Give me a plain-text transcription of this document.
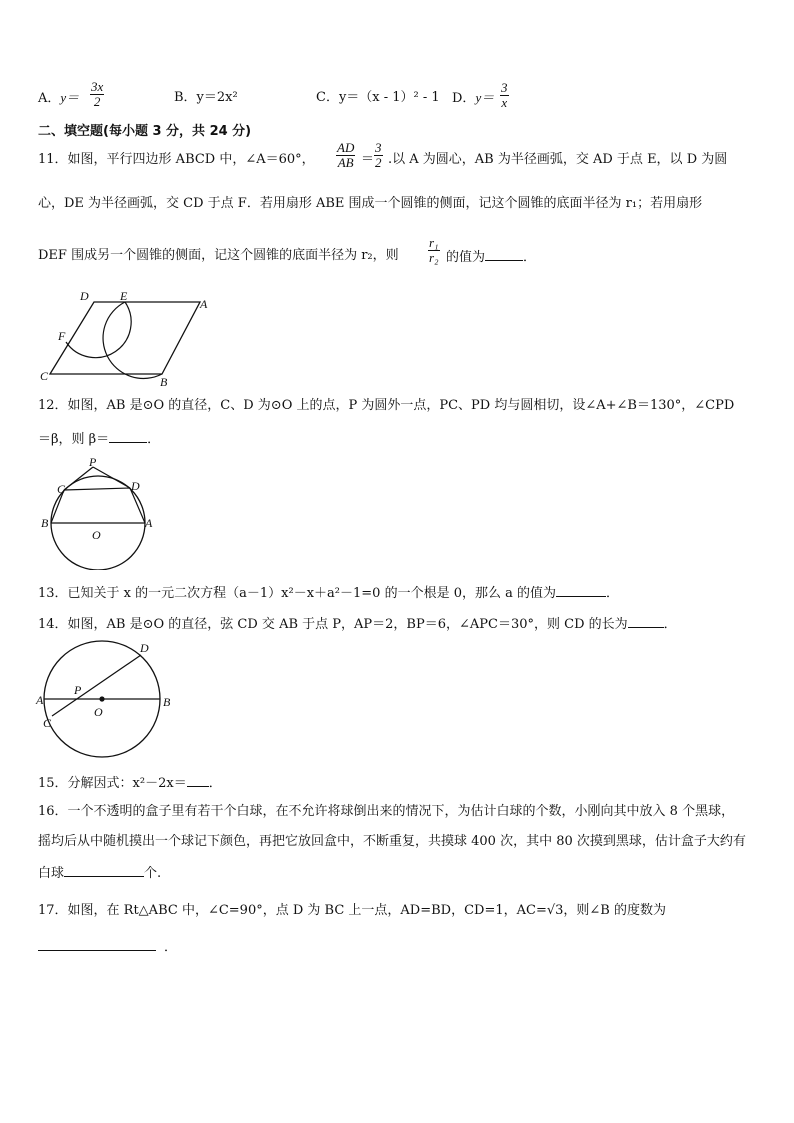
A．$y= \frac{3x}{2}$	B．y＝2x²	C．y＝（x - 1）² - 1 D．$y= \frac{3}{x}$
二、填空题(每小题 3 分，共 24 分)
11．如图，平行四边形 ABCD 中，∠A＝60°， $\frac{AD}{AB} = \frac{3}{2}$ .以 A 为圆心，AB 为半径画弧，交 AD 于点 E，以 D 为圆
心，DE 为半径画弧，交 CD 于点 F．若用扇形 ABE 围成一个圆锥的侧面，记这个圆锥的底面半径为 r₁；若用扇形
DEF 围成另一个圆锥的侧面，记这个圆锥的底面半径为 r₂，则 $\frac{\text{r₁}}{\text{r₂}}$ 的值为	．
D	E
A
F
C	B
12．如图，AB 是⊙O 的直径，C、D 为⊙O 上的点，P 为圆外一点，PC、PD 均与圆相切，设∠A+∠B＝130°，∠CPD
＝β，则 β＝	．
P
C	D
B	A
O
13．已知关于 x 的一元二次方程（a－1）x²－x＋a²－1=0 的一个根是 0，那么 a 的值为	．
14．如图，AB 是⊙O 的直径，弦 CD 交 AB 于点 P，AP＝2，BP＝6，∠APC＝30°，则 CD 的长为	．
D
A
P
B
C
O
15．分解因式：x²－2x＝ ．
16．一个不透明的盒子里有若干个白球，在不允许将球倒出来的情况下，为估计白球的个数，小刚向其中放入 8 个黑球，
摇均后从中随机摸出一个球记下颜色，再把它放回盒中，不断重复，共摸球 400 次，其中 80 次摸到黑球，估计盒子大约有
白球	个.
17．如图，在 Rt△ABC 中，∠C=90°，点 D 为 BC 上一点，AD=BD，CD=1，AC=√3，则∠B 的度数为
．
